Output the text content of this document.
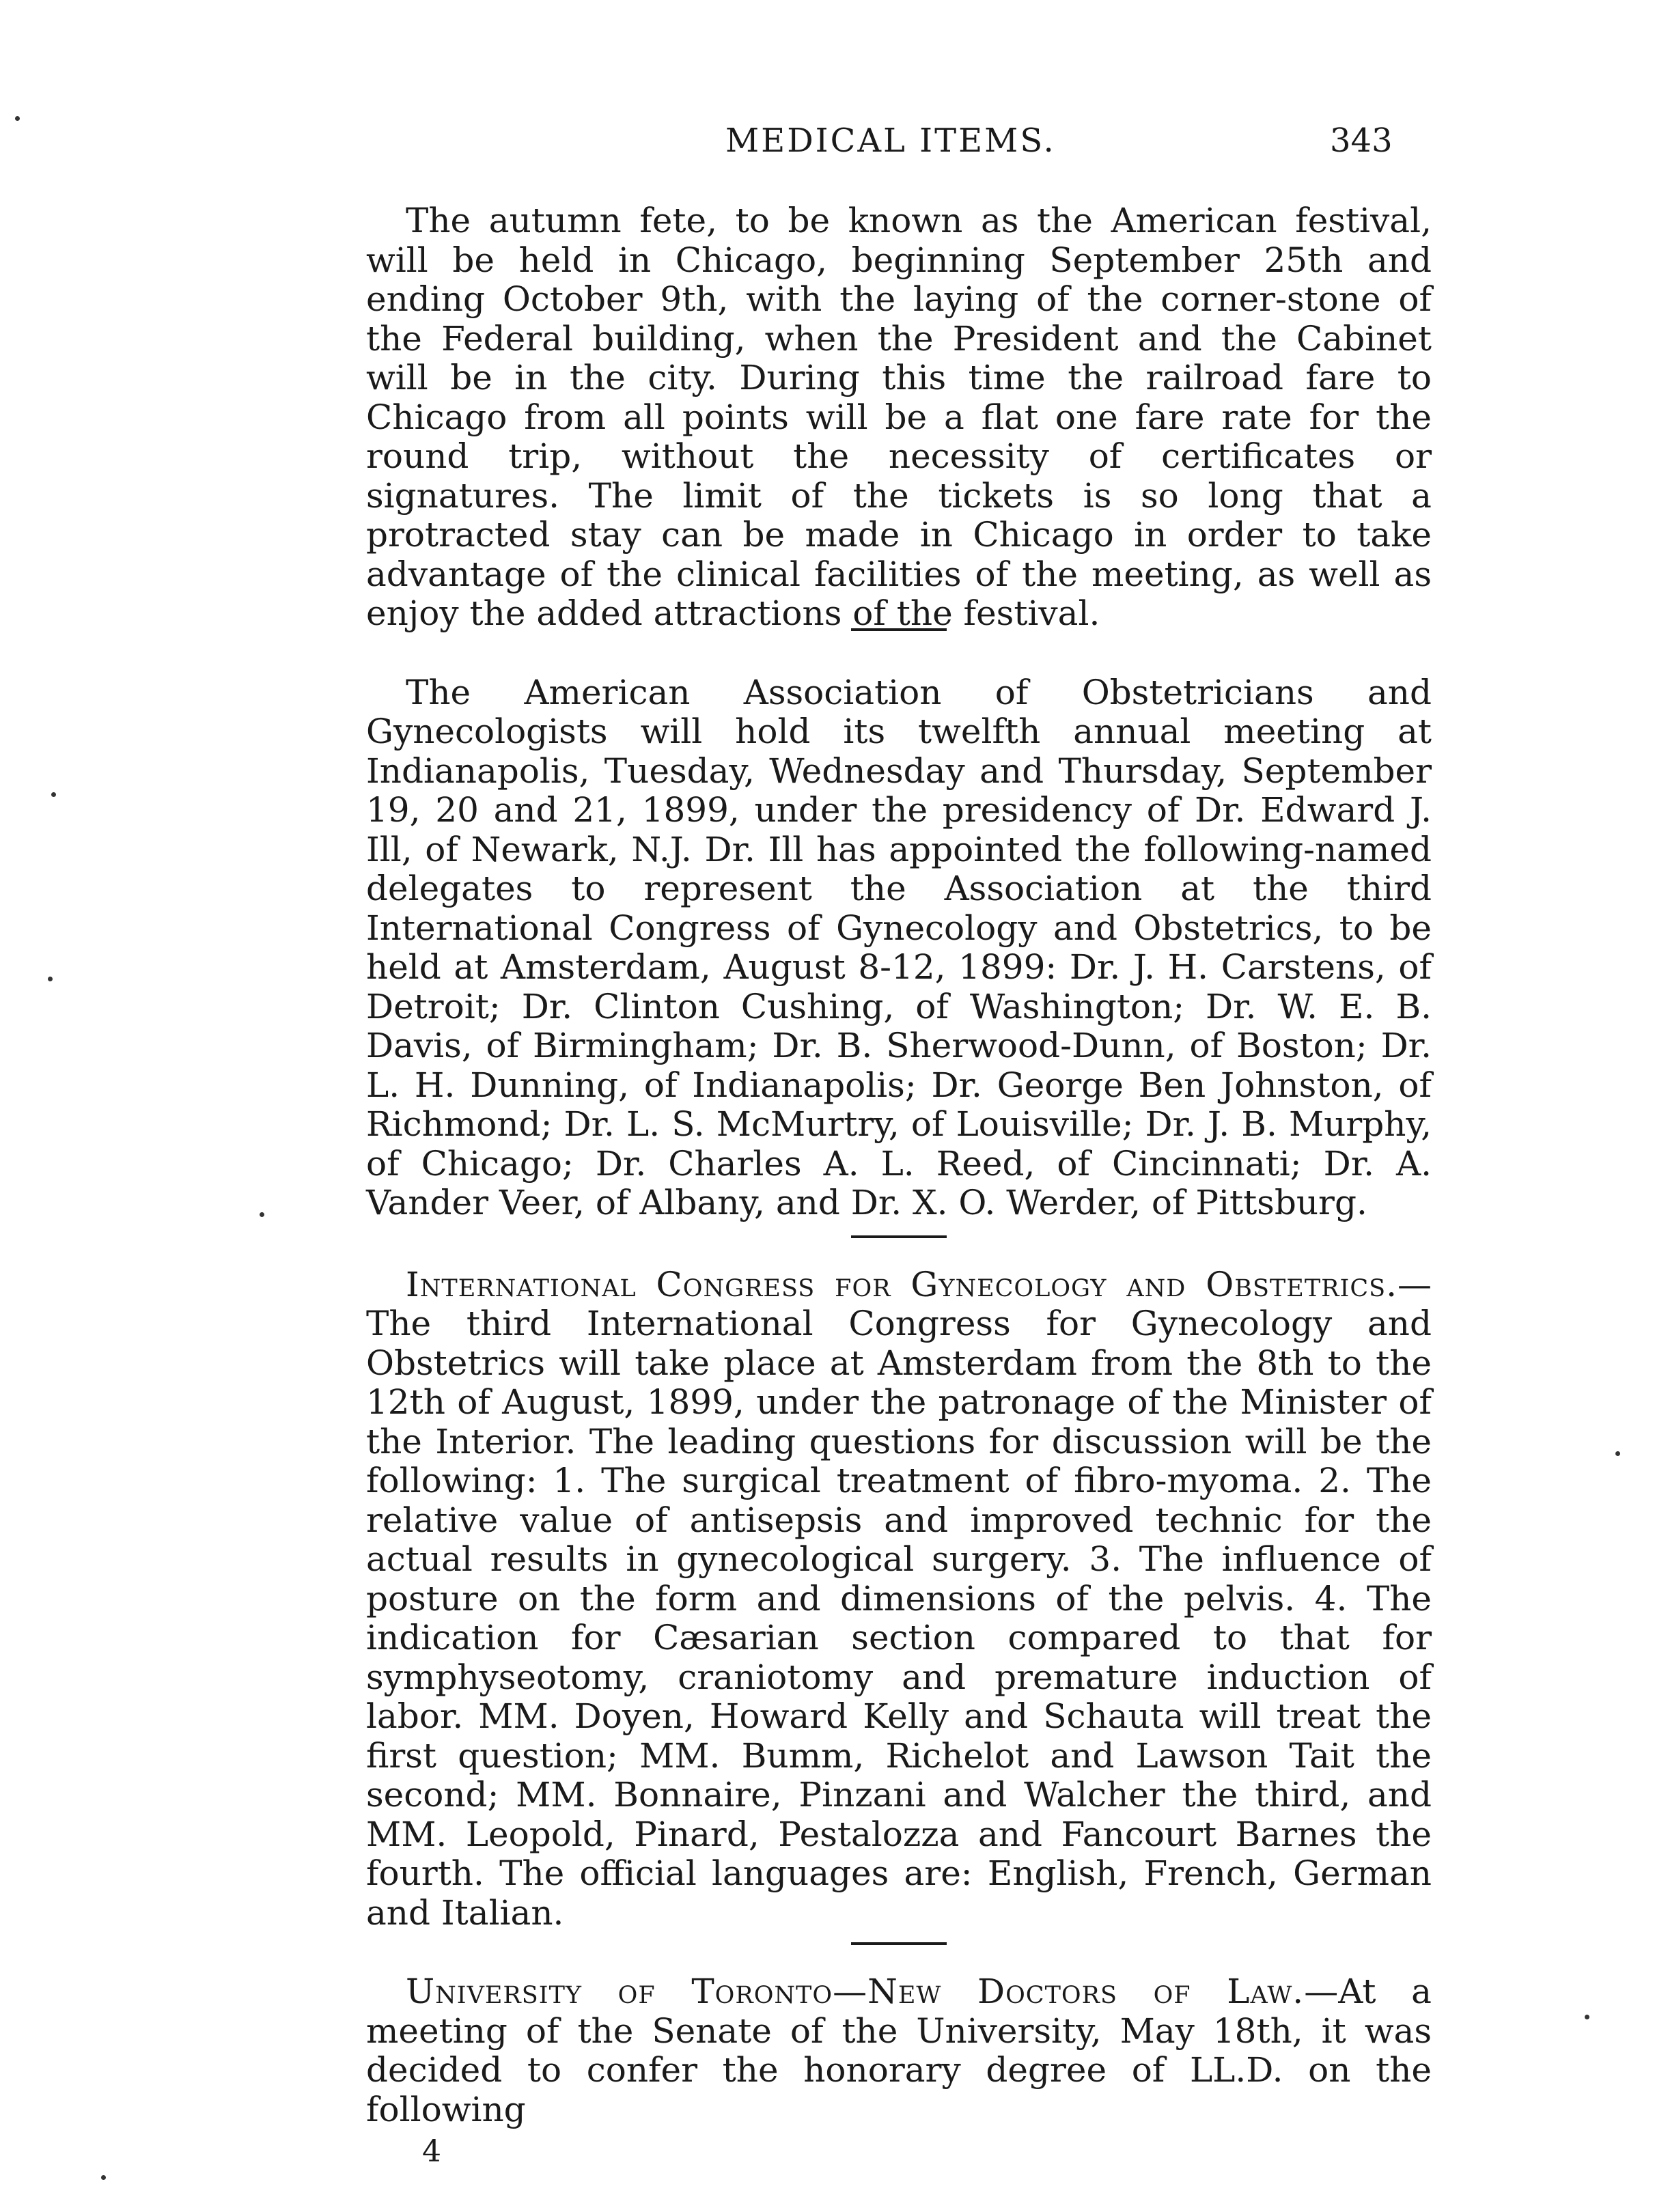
MEDICAL ITEMS.	343

The autumn fete, to be known as the American festival, will be held in Chicago, beginning September 25th and ending October 9th, with the laying of the corner-stone of the Federal building, when the President and the Cabinet will be in the city. During this time the railroad fare to Chicago from all points will be a flat one fare rate for the round trip, without the necessity of certificates or signatures. The limit of the tickets is so long that a protracted stay can be made in Chicago in order to take advantage of the clinical facilities of the meeting, as well as enjoy the added attractions of the festival.

The American Association of Obstetricians and Gynecologists will hold its twelfth annual meeting at Indianapolis, Tuesday, Wednesday and Thursday, September 19, 20 and 21, 1899, under the presidency of Dr. Edward J. Ill, of Newark, N.J. Dr. Ill has appointed the following-named delegates to represent the Association at the third International Congress of Gynecology and Obstetrics, to be held at Amsterdam, August 8-12, 1899: Dr. J. H. Carstens, of Detroit; Dr. Clinton Cushing, of Washington; Dr. W. E. B. Davis, of Birmingham; Dr. B. Sherwood-Dunn, of Boston; Dr. L. H. Dunning, of Indianapolis; Dr. George Ben Johnston, of Richmond; Dr. L. S. McMurtry, of Louisville; Dr. J. B. Murphy, of Chicago; Dr. Charles A. L. Reed, of Cincinnati; Dr. A. Vander Veer, of Albany, and Dr. X. O. Werder, of Pittsburg.

International Congress for Gynecology and Obstetrics.—The third International Congress for Gynecology and Obstetrics will take place at Amsterdam from the 8th to the 12th of August, 1899, under the patronage of the Minister of the Interior. The leading questions for discussion will be the following: 1. The surgical treatment of fibro-myoma. 2. The relative value of antisepsis and improved technic for the actual results in gynecological surgery. 3. The influence of posture on the form and dimensions of the pelvis. 4. The indication for Cæsarian section compared to that for symphyseotomy, craniotomy and premature induction of labor. MM. Doyen, Howard Kelly and Schauta will treat the first question; MM. Bumm, Richelot and Lawson Tait the second; MM. Bonnaire, Pinzani and Walcher the third, and MM. Leopold, Pinard, Pestalozza and Fancourt Barnes the fourth. The official languages are: English, French, German and Italian.

University of Toronto—New Doctors of Law.—At a meeting of the Senate of the University, May 18th, it was decided to confer the honorary degree of LL.D. on the following

4
